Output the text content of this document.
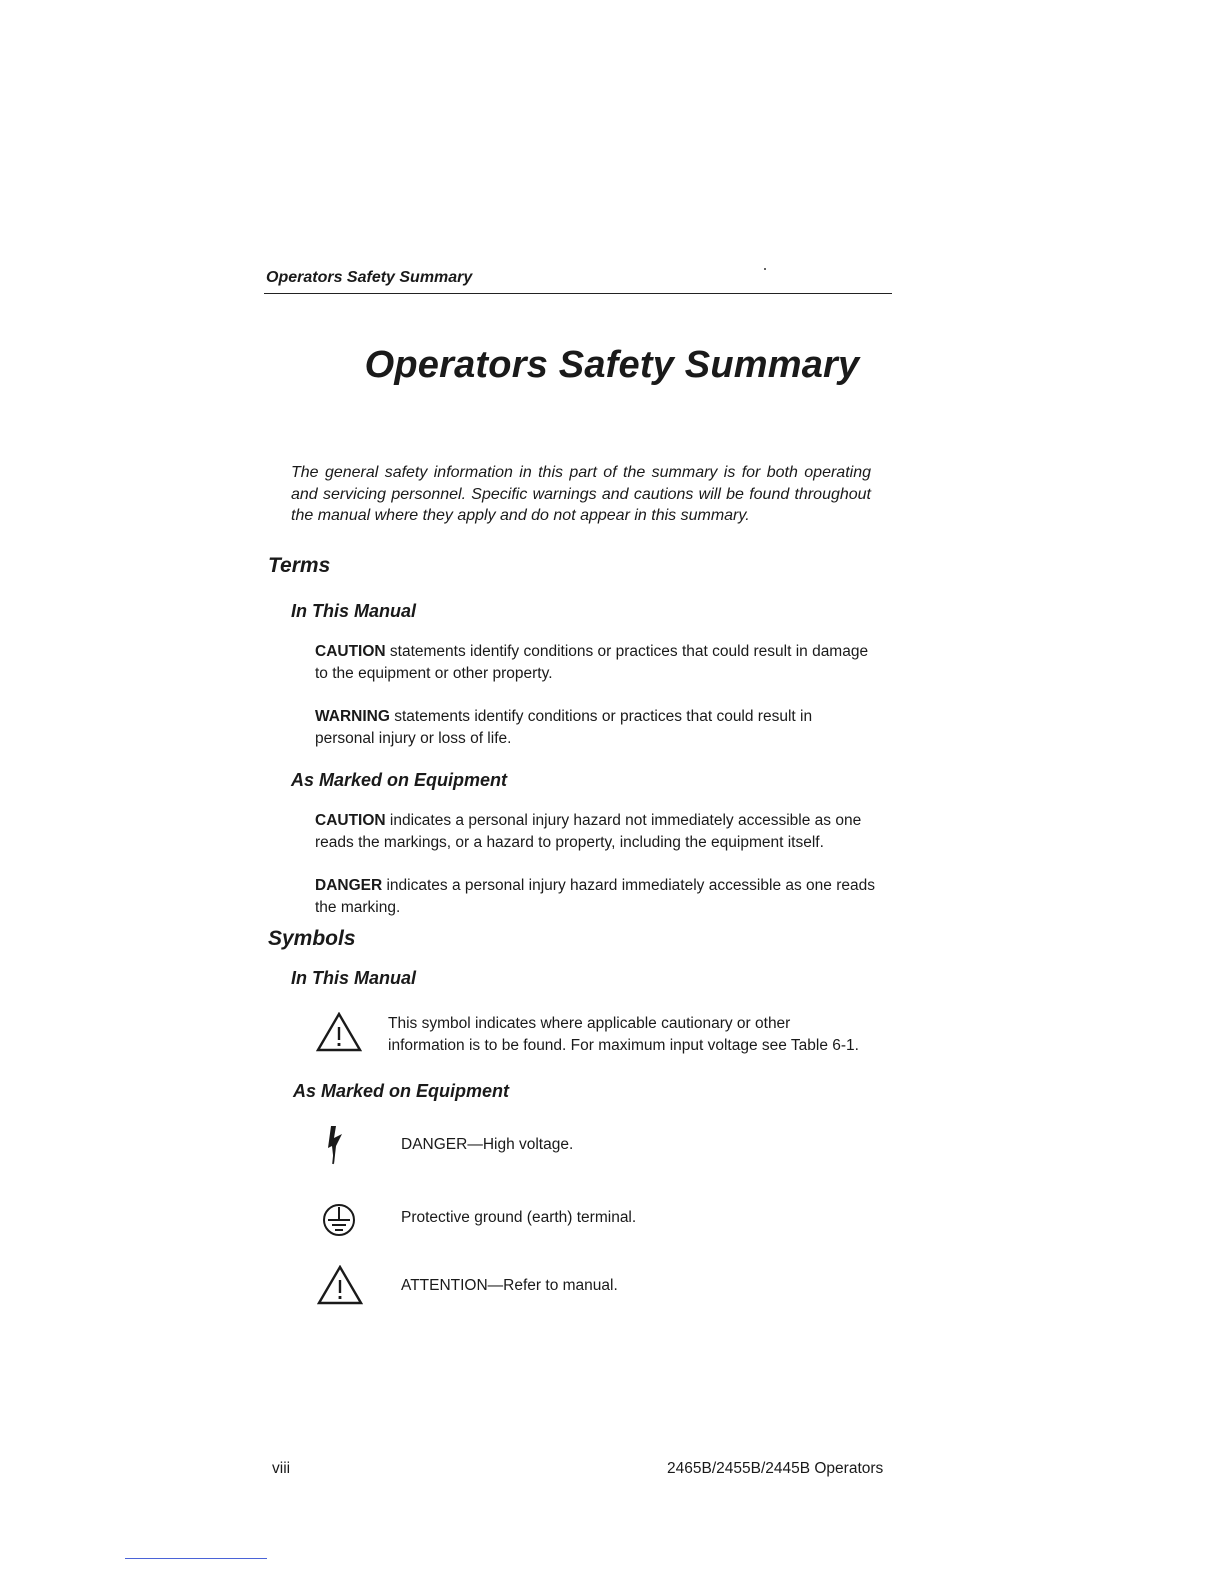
Operators Safety Summary
Operators Safety Summary
The general safety information in this part of the summary is for both operating and servicing personnel. Specific warnings and cautions will be found throughout the manual where they apply and do not appear in this summary.
Terms
In This Manual
CAUTION statements identify conditions or practices that could result in damage to the equipment or other property.
WARNING statements identify conditions or practices that could result in personal injury or loss of life.
As Marked on Equipment
CAUTION indicates a personal injury hazard not immediately accessible as one reads the markings, or a hazard to property, including the equipment itself.
DANGER indicates a personal injury hazard immediately accessible as one reads the marking.
Symbols
In This Manual
This symbol indicates where applicable cautionary or other
information is to be found. For maximum input voltage see Table 6-1.
As Marked on Equipment
DANGER—High voltage.
Protective ground (earth) terminal.
ATTENTION—Refer to manual.
viii	2465B/2455B/2445B Operators
